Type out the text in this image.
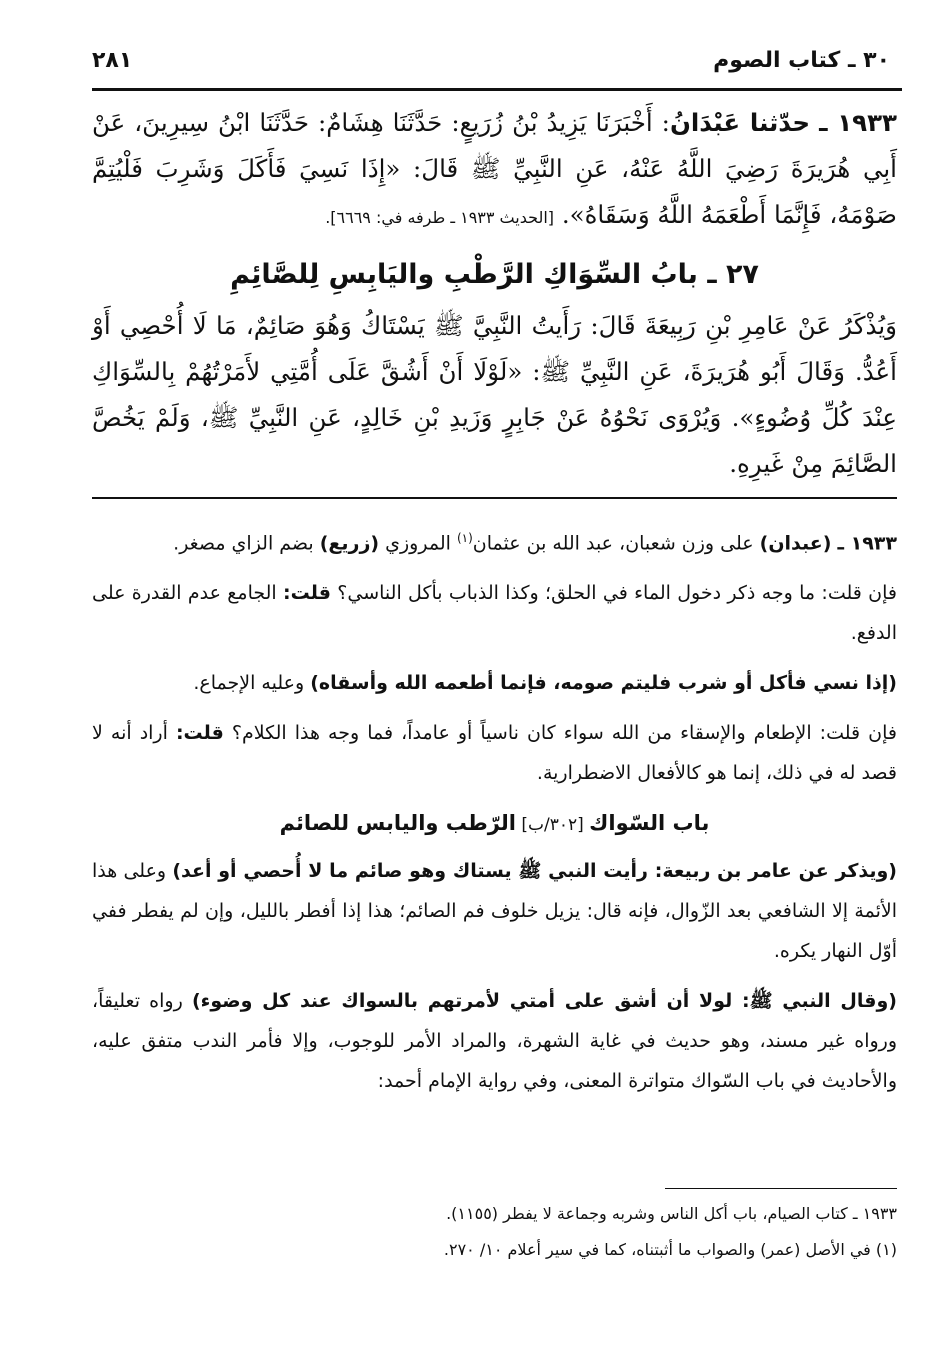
٣٠ ـ كتاب الصوم
٢٨١

١٩٣٣ ـ حدّثنا عَبْدَانُ: أَخْبَرَنَا يَزِيدُ بْنُ زُرَيعٍ: حَدَّثَنَا هِشَامٌ: حَدَّثَنَا ابْنُ سِيرِينَ، عَنْ أَبِي هُرَيرَةَ رَضِيَ اللَّهُ عَنْهُ، عَنِ النَّبِيِّ ﷺ قَالَ: «إِذَا نَسِيَ فَأَكَلَ وَشَرِبَ فَلْيُتِمَّ صَوْمَهُ، فَإِنَّمَا أَطْعَمَهُ اللَّهُ وَسَقَاهُ». [الحديث ١٩٣٣ ـ طرفه في: ٦٦٦٩].

٢٧ ـ بابُ السِّوَاكِ الرَّطْبِ واليَابِسِ لِلصَّائِمِ

وَيُذْكَرُ عَنْ عَامِرِ بْنِ رَبِيعَةَ قَالَ: رَأَيتُ النَّبِيَّ ﷺ يَسْتَاكُ وَهُوَ صَائِمٌ، مَا لَا أُحْصِي أَوْ أَعُدُّ. وَقَالَ أَبُو هُرَيرَةَ، عَنِ النَّبِيِّ ﷺ: «لَوْلَا أَنْ أَشُقَّ عَلَى أُمَّتِي لأَمَرْتُهُمْ بِالسِّوَاكِ عِنْدَ كُلِّ وُضُوءٍ». وَيُرْوَى نَحْوُهُ عَنْ جَابِرٍ وَزَيدِ بْنِ خَالِدٍ، عَنِ النَّبِيِّ ﷺ، وَلَمْ يَخُصَّ الصَّائِمَ مِنْ غَيرِهِ.

١٩٣٣ ـ (عبدان) على وزن شعبان، عبد الله بن عثمان$^{(١)}$ المروزي (زريع) بضم الزاي مصغر.

فإن قلت: ما وجه ذكر دخول الماء في الحلق؛ وكذا الذباب بأكل الناسي؟ قلت: الجامع عدم القدرة على الدفع.

(إذا نسي فأكل أو شرب فليتم صومه، فإنما أطعمه الله وأسقاه) وعليه الإجماع.

فإن قلت: الإطعام والإسقاء من الله سواء كان ناسياً أو عامداً، فما وجه هذا الكلام؟ قلت: أراد أنه لا قصد له في ذلك، إنما هو كالأفعال الاضطرارية.

باب السّواك [٣٠٢/ب] الرّطب واليابس للصائم

(ويذكر عن عامر بن ربيعة: رأيت النبي ﷺ يستاك وهو صائم ما لا أُحصي أو أعد) وعلى هذا الأئمة إلا الشافعي بعد الزّوال، فإنه قال: يزيل خلوف فم الصائم؛ هذا إذا أفطر بالليل، وإن لم يفطر ففي أوّل النهار يكره.

(وقال النبي ﷺ: لولا أن أشق على أمتي لأمرتهم بالسواك عند كل وضوء) رواه تعليقاً، ورواه غير مسند، وهو حديث في غاية الشهرة، والمراد الأمر للوجوب، وإلا فأمر الندب متفق عليه، والأحاديث في باب السّواك متواترة المعنى، وفي رواية الإمام أحمد:

١٩٣٣ ـ كتاب الصيام، باب أكل الناس وشربه وجماعة لا يفطر (١١٥٥).

(١) في الأصل (عمر) والصواب ما أثبتناه، كما في سير أعلام ١٠/ ٢٧٠.
